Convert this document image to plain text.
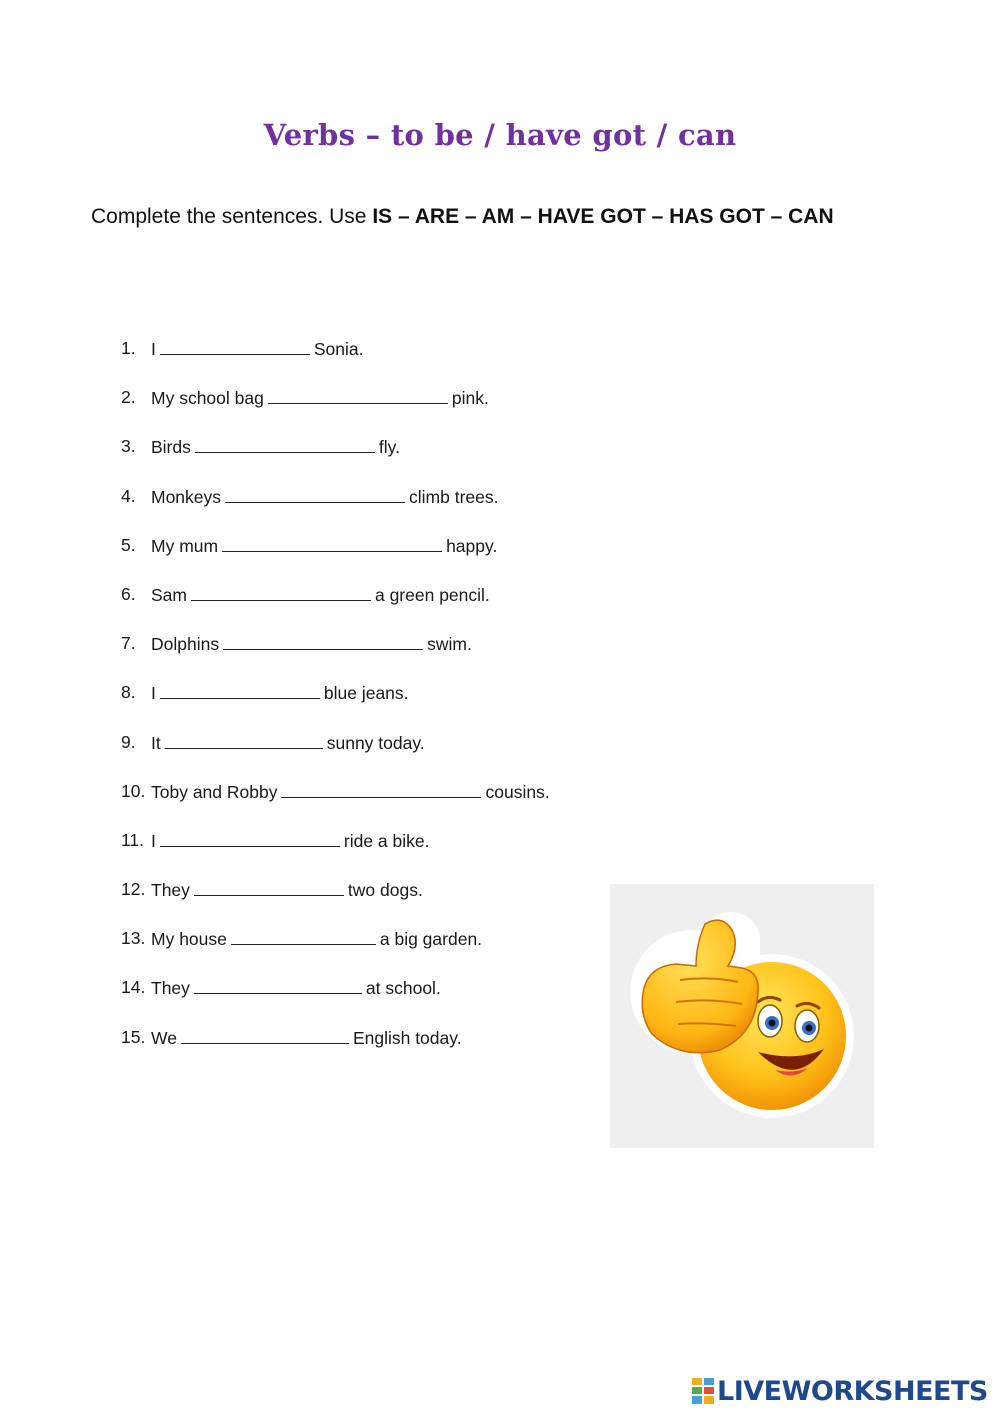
Verbs – to be / have got / can
Complete the sentences. Use IS – ARE – AM – HAVE GOT – HAS GOT – CAN
1. I	Sonia.
2. My school bag	pink.
3. Birds	fly.
4. Monkeys	climb trees.
5. My mum	happy.
6. Sam	a green pencil.
7. Dolphins	swim.
8. I	blue jeans.
9. It	sunny today.
10. Toby and Robby	cousins.
11. I	ride a bike.
12. They	two dogs.
13. My house	a big garden.
14. They	at school.
15. We	English today.
LIVEWORKSHEETS
